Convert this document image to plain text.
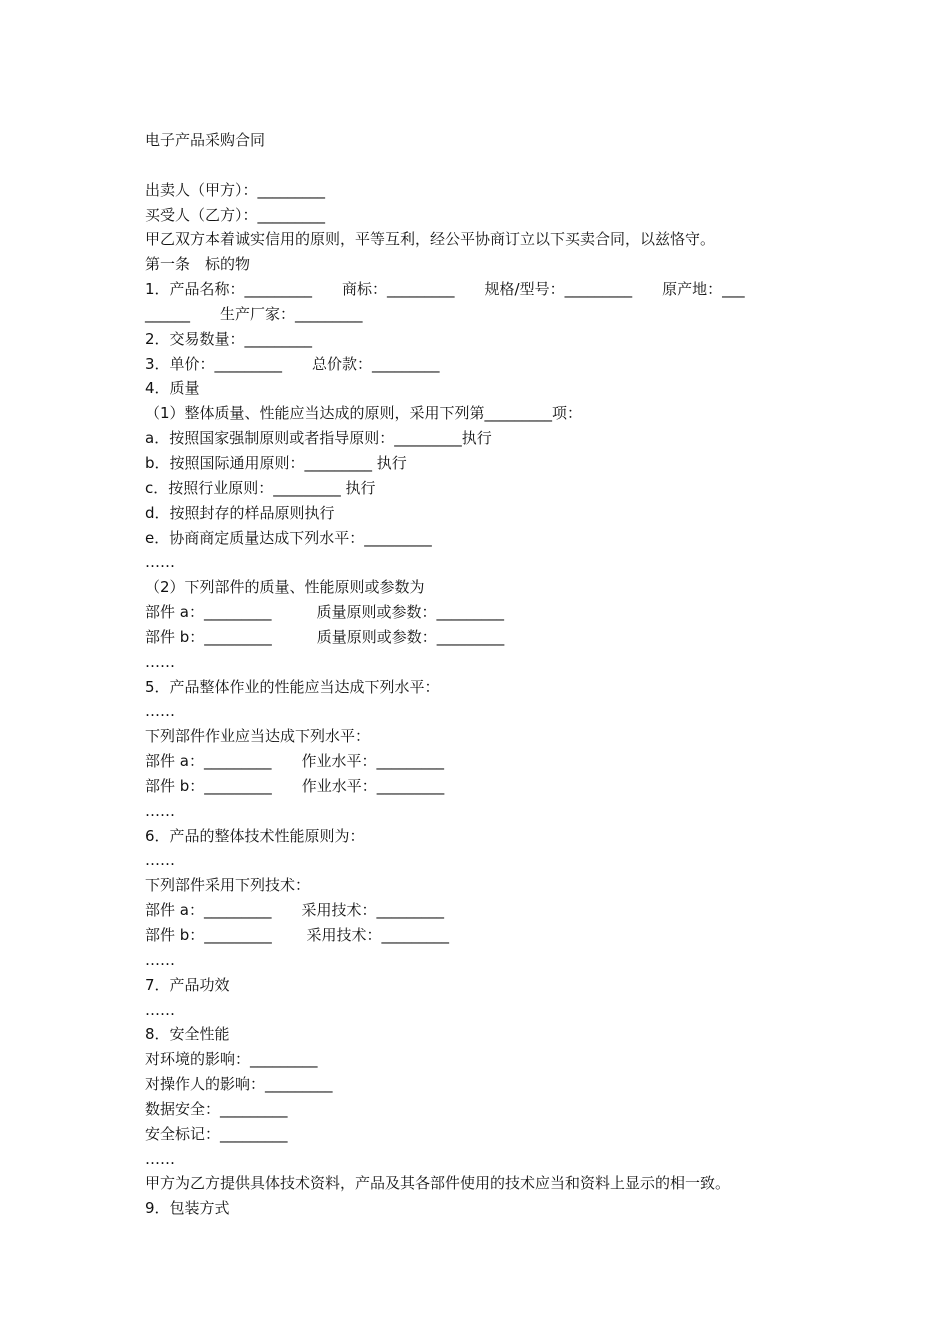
电子产品采购合同
出卖人（甲方）：_________
买受人（乙方）：_________
甲乙双方本着诚实信用的原则，平等互利，经公平协商订立以下买卖合同，以兹恪守。
第一条　标的物
1．产品名称：_________　　商标：_________　　规格/型号：_________　　原产地：___
______　　生产厂家：_________
2．交易数量：_________
3．单价：_________　　总价款：_________
4．质量
（1）整体质量、性能应当达成的原则，采用下列第_________项：
a．按照国家强制原则或者指导原则：_________执行
b．按照国际通用原则：_________ 执行
c．按照行业原则：_________ 执行
d．按照封存的样品原则执行
e．协商商定质量达成下列水平：_________
……
（2）下列部件的质量、性能原则或参数为
部件 a：_________　　　质量原则或参数：_________
部件 b：_________　　　质量原则或参数：_________
……
5．产品整体作业的性能应当达成下列水平：
……
下列部件作业应当达成下列水平：
部件 a：_________　　作业水平：_________
部件 b：_________　　作业水平：_________
……
6．产品的整体技术性能原则为：
……
下列部件采用下列技术：
部件 a：_________　　采用技术：_________
部件 b：_________　　 采用技术：_________
……
7．产品功效
……
8．安全性能
对环境的影响：_________
对操作人的影响：_________
数据安全：_________
安全标记：_________
……
甲方为乙方提供具体技术资料，产品及其各部件使用的技术应当和资料上显示的相一致。
9．包装方式
